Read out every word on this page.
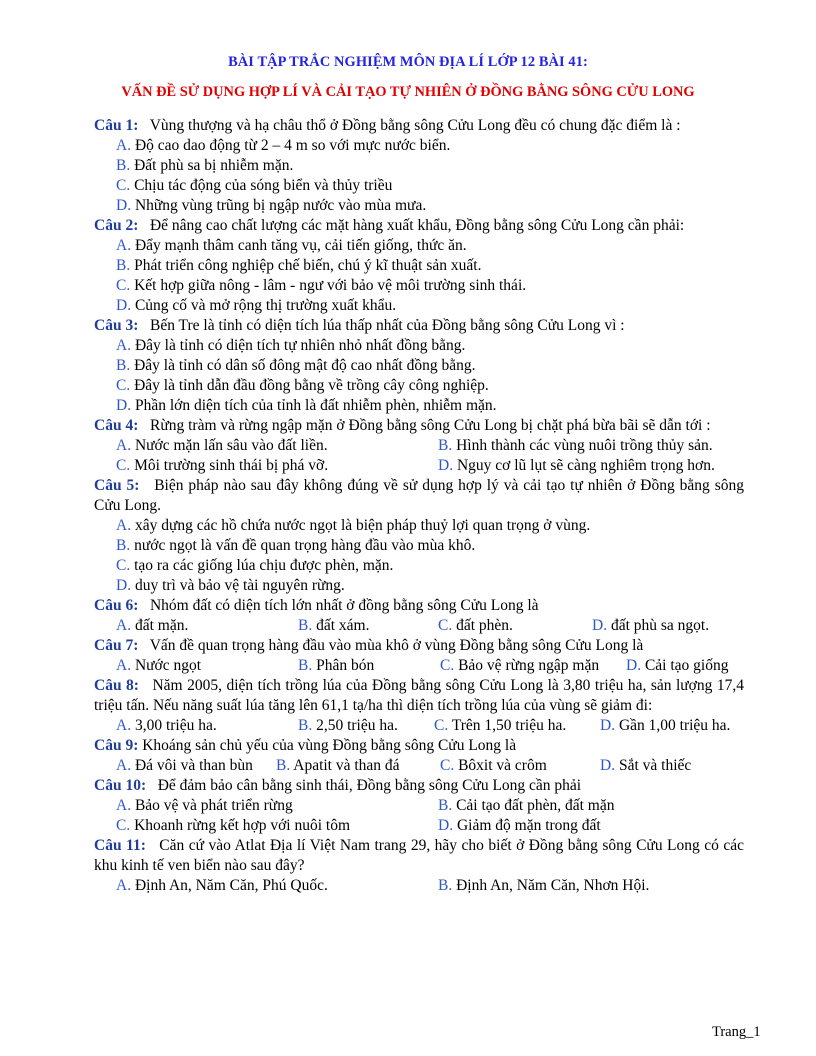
BÀI TẬP TRẮC NGHIỆM MÔN ĐỊA LÍ LỚP 12 BÀI 41:
VẤN ĐỀ SỬ DỤNG HỢP LÍ VÀ CẢI TẠO TỰ NHIÊN Ở ĐỒNG BẰNG SÔNG CỬU LONG

Câu 1: Vùng thượng và hạ châu thổ ở Đồng bằng sông Cửu Long đều có chung đặc điểm là :

A. Độ cao dao động từ 2 – 4 m so với mực nước biển.

B. Đất phù sa bị nhiễm mặn.

C. Chịu tác động của sóng biển và thủy triều

D. Những vùng trũng bị ngập nước vào mùa mưa.

Câu 2: Để nâng cao chất lượng các mặt hàng xuất khẩu, Đồng bằng sông Cửu Long cần phải:

A. Đẩy mạnh thâm canh tăng vụ, cải tiến giống, thức ăn.

B. Phát triển công nghiệp chế biến, chú ý kĩ thuật sản xuất.

C. Kết hợp giữa nông - lâm - ngư với bảo vệ môi trường sinh thái.

D. Củng cố và mở rộng thị trường xuất khẩu.

Câu 3: Bến Tre là tỉnh có diện tích lúa thấp nhất của Đồng bằng sông Cửu Long vì :

A. Đây là tỉnh có diện tích tự nhiên nhỏ nhất đồng bằng.

B. Đây là tỉnh có dân số đông mật độ cao nhất đồng bằng.

C. Đây là tỉnh dẫn đầu đồng bằng về trồng cây công nghiệp.

D. Phần lớn diện tích của tỉnh là đất nhiễm phèn, nhiễm mặn.

Câu 4: Rừng tràm và rừng ngập mặn ở Đồng bằng sông Cửu Long bị chặt phá bừa bãi sẽ dẫn tới :

A. Nước mặn lấn sâu vào đất liền.	B. Hình thành các vùng nuôi trồng thủy sản.
C. Môi trường sinh thái bị phá vỡ.	D. Nguy cơ lũ lụt sẽ càng nghiêm trọng hơn.

Câu 5: Biện pháp nào sau đây không đúng về sử dụng hợp lý và cải tạo tự nhiên ở Đồng bằng sông Cửu Long.

A. xây dựng các hồ chứa nước ngọt là biện pháp thuỷ lợi quan trọng ở vùng.

B. nước ngọt là vấn đề quan trọng hàng đầu vào mùa khô.

C. tạo ra các giống lúa chịu được phèn, mặn.

D. duy trì và bảo vệ tài nguyên rừng.

Câu 6: Nhóm đất có diện tích lớn nhất ở đồng bằng sông Cửu Long là

A. đất mặn.	B. đất xám.	C. đất phèn.	D. đất phù sa ngọt.

Câu 7: Vấn đề quan trọng hàng đầu vào mùa khô ở vùng Đồng bằng sông Cửu Long là

A. Nước ngọt	B. Phân bón	C. Bảo vệ rừng ngập mặn	D. Cải tạo giống

Câu 8: Năm 2005, diện tích trồng lúa của Đồng bằng sông Cửu Long là 3,80 triệu ha, sản lượng 17,4 triệu tấn. Nếu năng suất lúa tăng lên 61,1 tạ/ha thì diện tích trồng lúa của vùng sẽ giảm đi:

A. 3,00 triệu ha.	B. 2,50 triệu ha.	C. Trên 1,50 triệu ha.	D. Gần 1,00 triệu ha.

Câu 9: Khoáng sản chủ yếu của vùng Đồng bằng sông Cửu Long là

A. Đá vôi và than bùn	B. Apatit và than đá	C. Bôxit và crôm	D. Sắt và thiếc

Câu 10: Để đảm bảo cân bằng sinh thái, Đồng bằng sông Cửu Long cần phải

A. Bảo vệ và phát triển rừng	B. Cải tạo đất phèn, đất mặn
C. Khoanh rừng kết hợp với nuôi tôm	D. Giảm độ mặn trong đất

Câu 11: Căn cứ vào Atlat Địa lí Việt Nam trang 29, hãy cho biết ở Đồng bằng sông Cửu Long có các khu kinh tế ven biển nào sau đây?

A. Định An, Năm Căn, Phú Quốc.	B. Định An, Năm Căn, Nhơn Hội.
Trang_1
